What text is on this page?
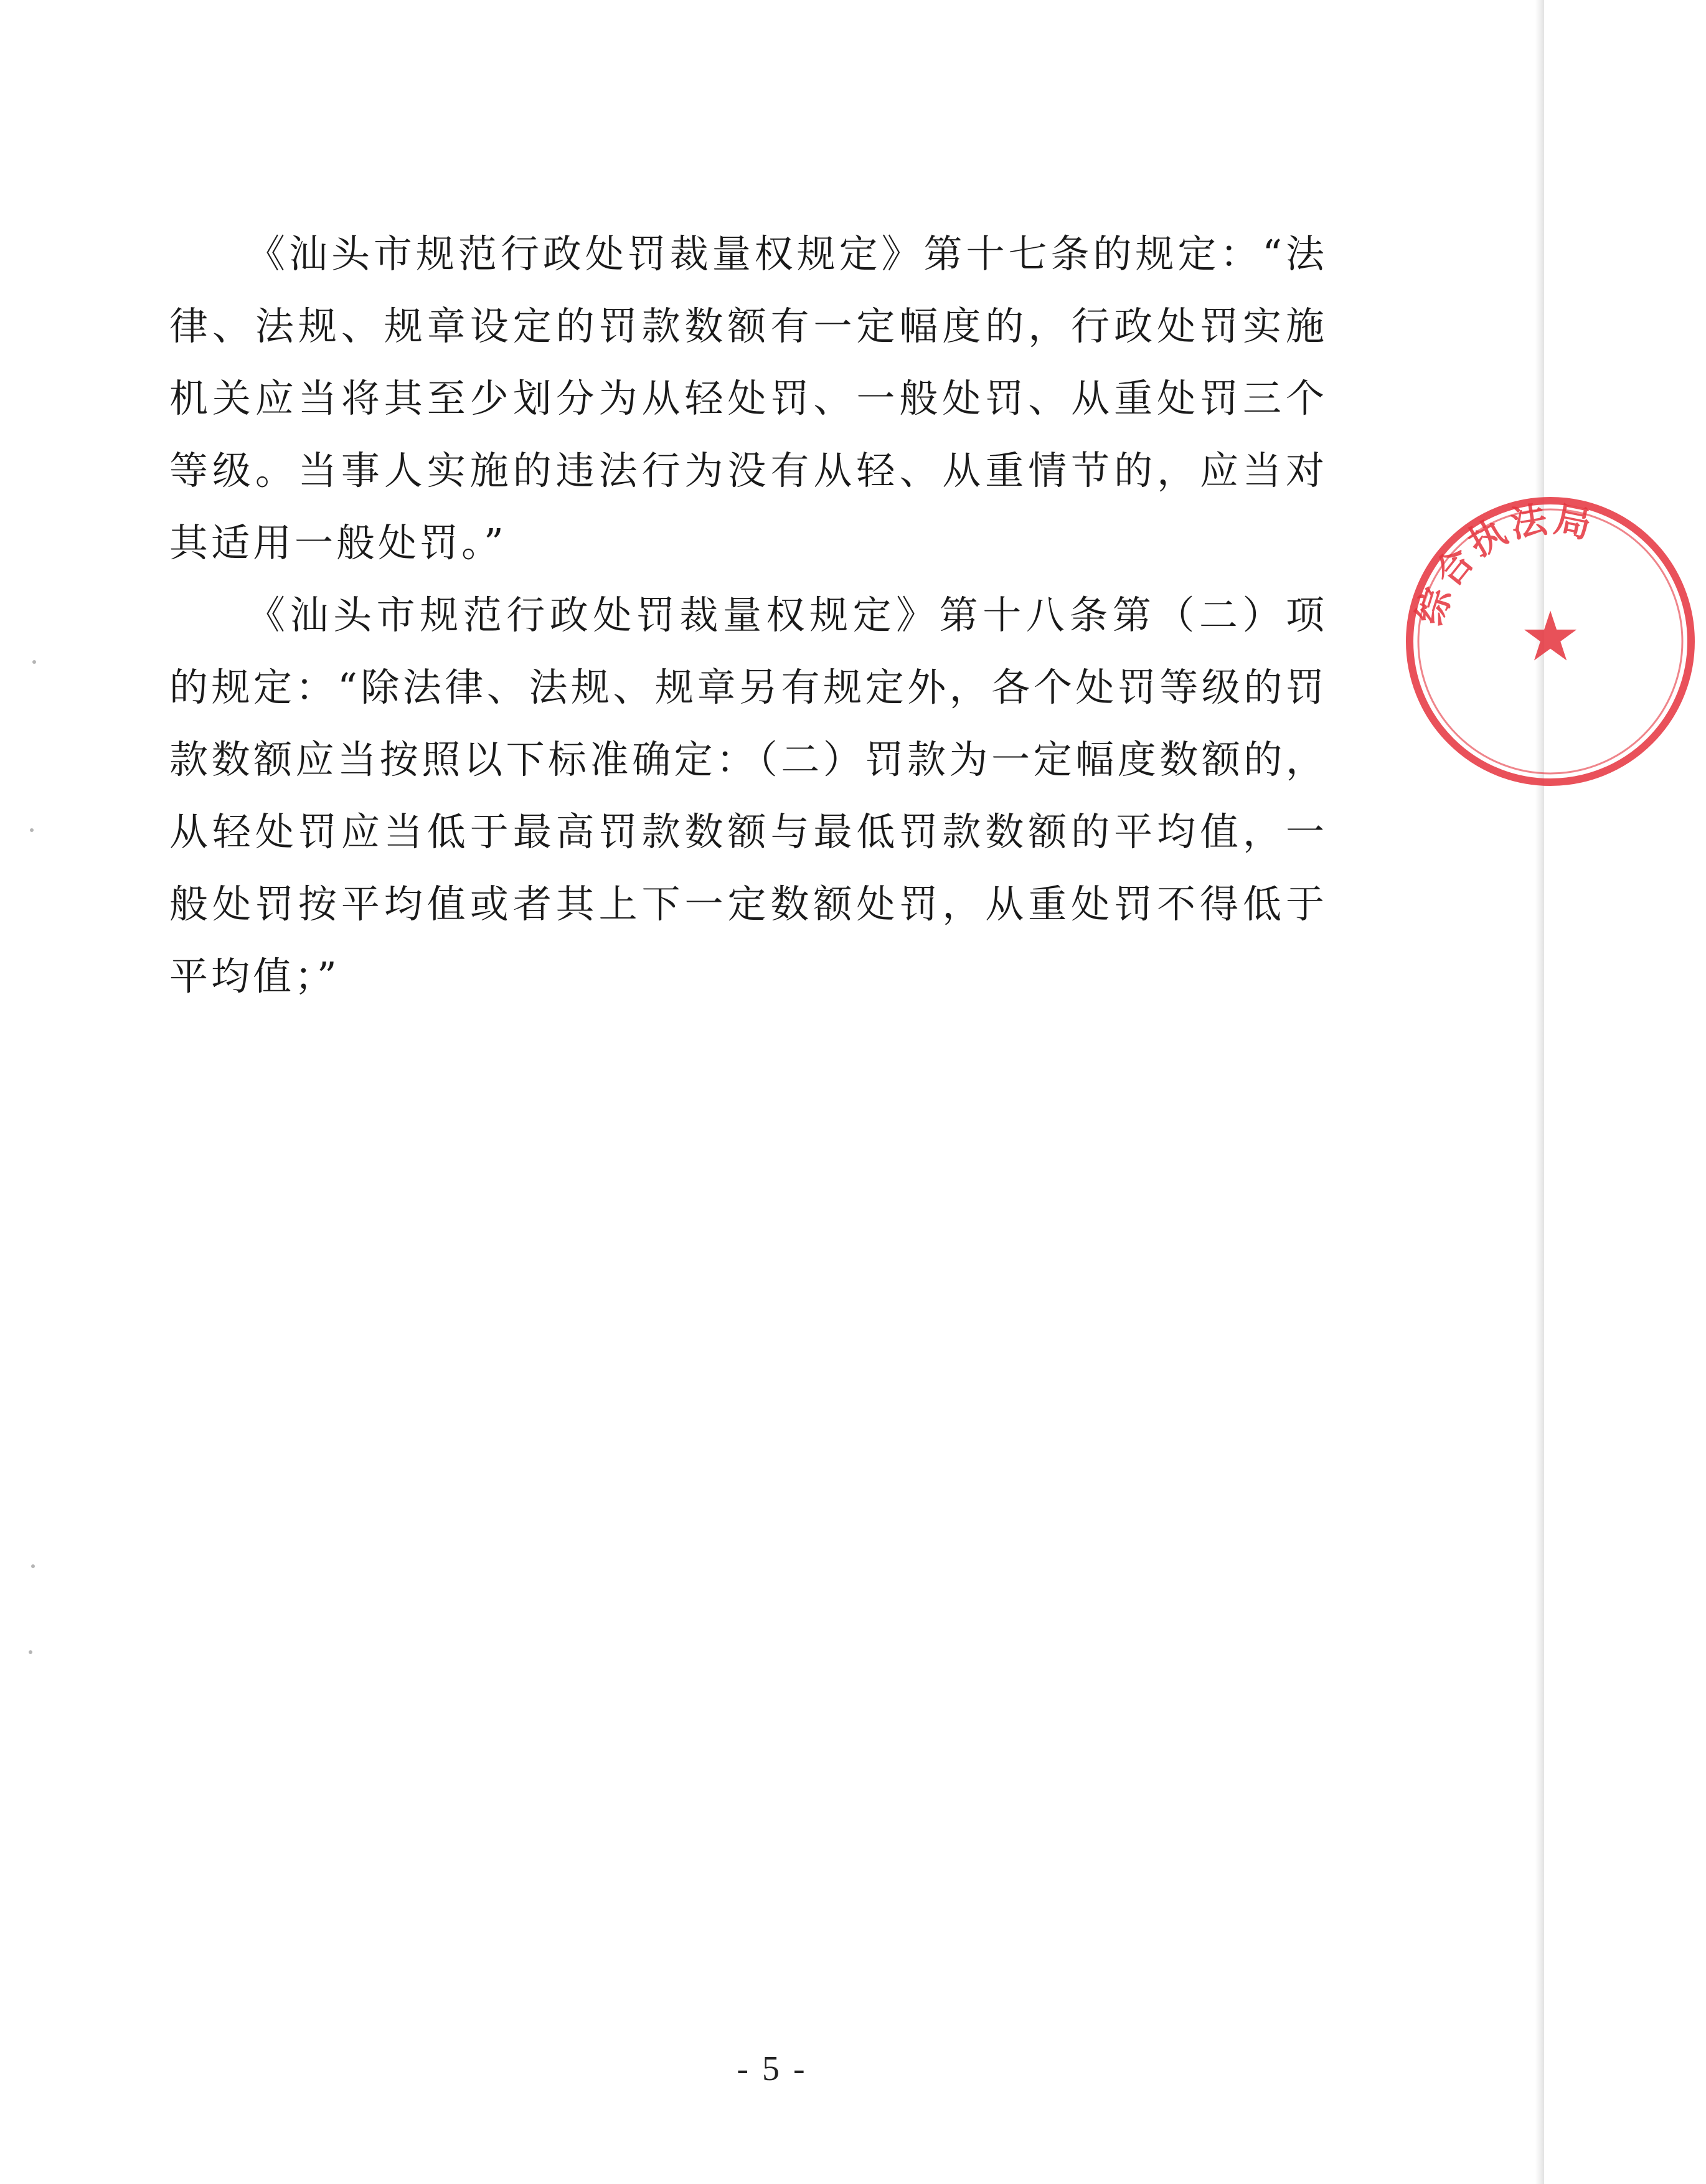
《汕头市规范行政处罚裁量权规定》第十七条的规定：“法律、法规、规章设定的罚款数额有一定幅度的，行政处罚实施机关应当将其至少划分为从轻处罚、一般处罚、从重处罚三个等级。当事人实施的违法行为没有从轻、从重情节的，应当对其适用一般处罚。”

《汕头市规范行政处罚裁量权规定》第十八条第（二）项的规定：“除法律、法规、规章另有规定外，各个处罚等级的罚款数额应当按照以下标准确定：（二）罚款为一定幅度数额的，从轻处罚应当低于最高罚款数额与最低罚款数额的平均值，一般处罚按平均值或者其上下一定数额处罚，从重处罚不得低于平均值；”

综合执法局
★
- 5 -
